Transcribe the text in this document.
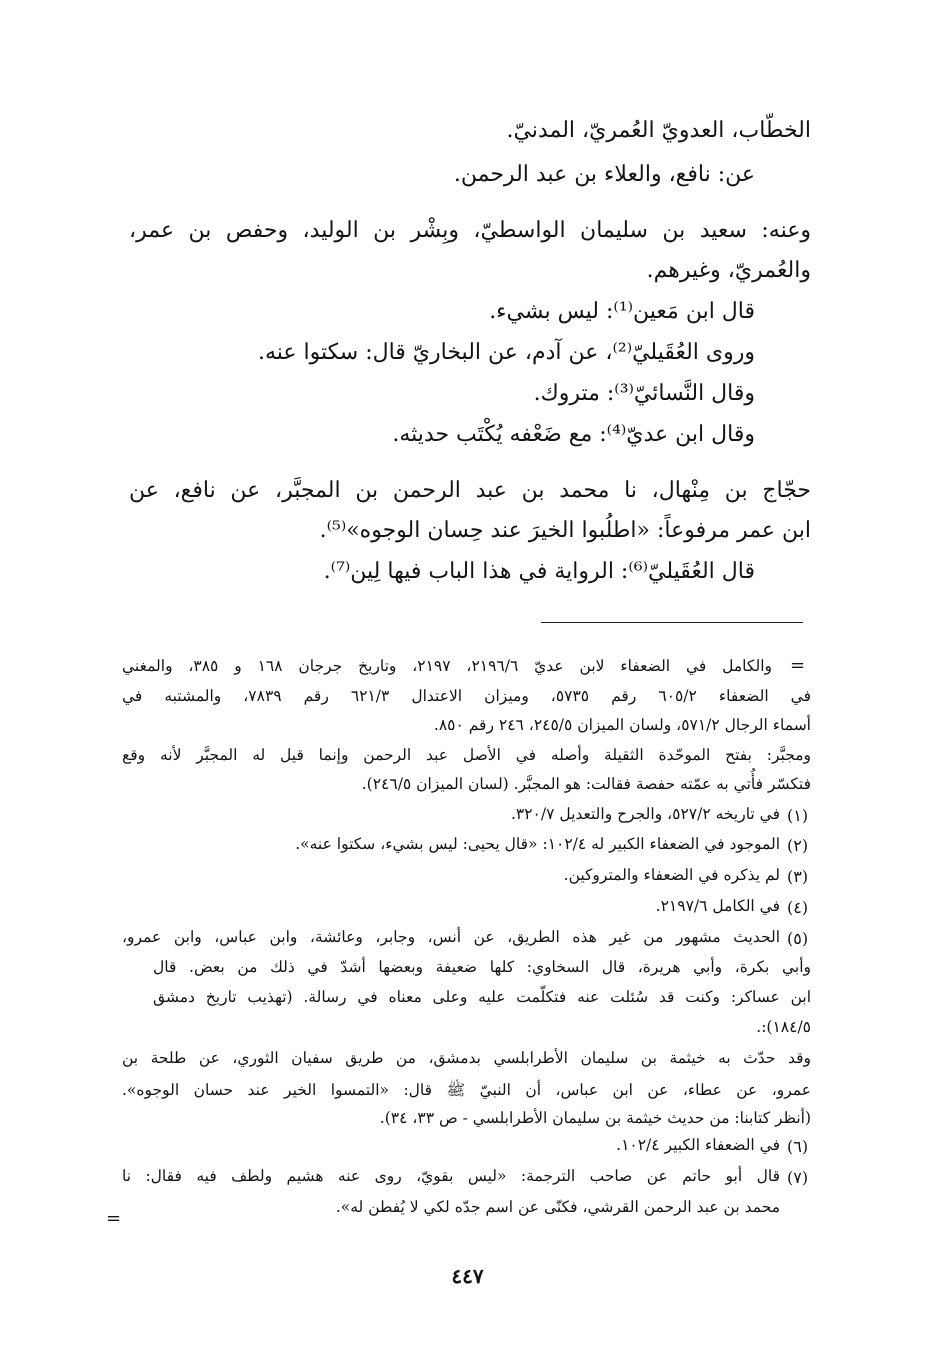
الخطّاب، العدويّ العُمريّ، المدنيّ.
عن: نافع، والعلاء بن عبد الرحمن.
وعنه: سعيد بن سليمان الواسطيّ، وبِشْر بن الوليد، وحفص بن عمر،
والعُمريّ، وغيرهم.
قال ابن مَعين⁽¹⁾: ليس بشيء.
وروى العُقَيليّ⁽²⁾، عن آدم، عن البخاريّ قال: سكتوا عنه.
وقال النَّسائيّ⁽³⁾: متروك.
وقال ابن عديّ⁽⁴⁾: مع ضَعْفه يُكْتَب حديثه.
حجّاج بن مِنْهال، نا محمد بن عبد الرحمن بن المجبَّر، عن نافع، عن
ابن عمر مرفوعاً: «اطلُبوا الخيرَ عند حِسان الوجوه»⁽⁵⁾.
قال العُقَيليّ⁽⁶⁾: الرواية في هذا الباب فيها لِين⁽⁷⁾.
=
والكامل في الضعفاء لابن عديّ ٢١٩٦/٦، ٢١٩٧، وتاريخ جرجان ١٦٨ و ٣٨٥، والمغني
في الضعفاء ٦٠٥/٢ رقم ٥٧٣٥، وميزان الاعتدال ٦٢١/٣ رقم ٧٨٣٩، والمشتبه في
أسماء الرجال ٥٧١/٢، ولسان الميزان ٢٤٥/٥، ٢٤٦ رقم ٨٥٠.
ومجبَّر: بفتح الموحّدة الثقيلة وأصله في الأصل عبد الرحمن وإنما قيل له المجبَّر لأنه وقع
فتكسّر فأُتي به عمّته حفصة فقالت: هو المجبَّر. (لسان الميزان ٢٤٦/٥).
(١)
في تاريخه ٥٢٧/٢، والجرح والتعديل ٣٢٠/٧.
(٢)
الموجود في الضعفاء الكبير له ١٠٢/٤: «قال يحيى: ليس بشيء، سكتوا عنه».
(٣)
لم يذكره في الضعفاء والمتروكين.
(٤)
في الكامل ٢١٩٧/٦.
(٥)
الحديث مشهور من غير هذه الطريق، عن أنس، وجابر، وعائشة، وابن عباس، وابن عمرو،
وأبي بكرة، وأبي هريرة، قال السخاوي: كلها ضعيفة وبعضها أشدّ في ذلك من بعض. قال
ابن عساكر: وكنت قد سُئلت عنه فتكلّمت عليه وعلى معناه في رسالة. (تهذيب تاريخ دمشق
١٨٤/٥):.
وقد حدّث به خيثمة بن سليمان الأطرابلسي بدمشق، من طريق سفيان الثوري، عن طلحة بن
عمرو، عن عطاء، عن ابن عباس، أن النبيّ ﷺ قال: «التمسوا الخير عند حسان الوجوه».
(أنظر كتابنا: من حديث خيثمة بن سليمان الأطرابلسي - ص ٣٣، ٣٤).
(٦)
في الضعفاء الكبير ١٠٢/٤.
(٧)
قال أبو حاتم عن صاحب الترجمة: «ليس بقويّ، روى عنه هشيم ولطف فيه فقال: نا
محمد بن عبد الرحمن القرشي، فكنّى عن اسم جدّه لكي لا يُفطن له».
=
٤٤٧
